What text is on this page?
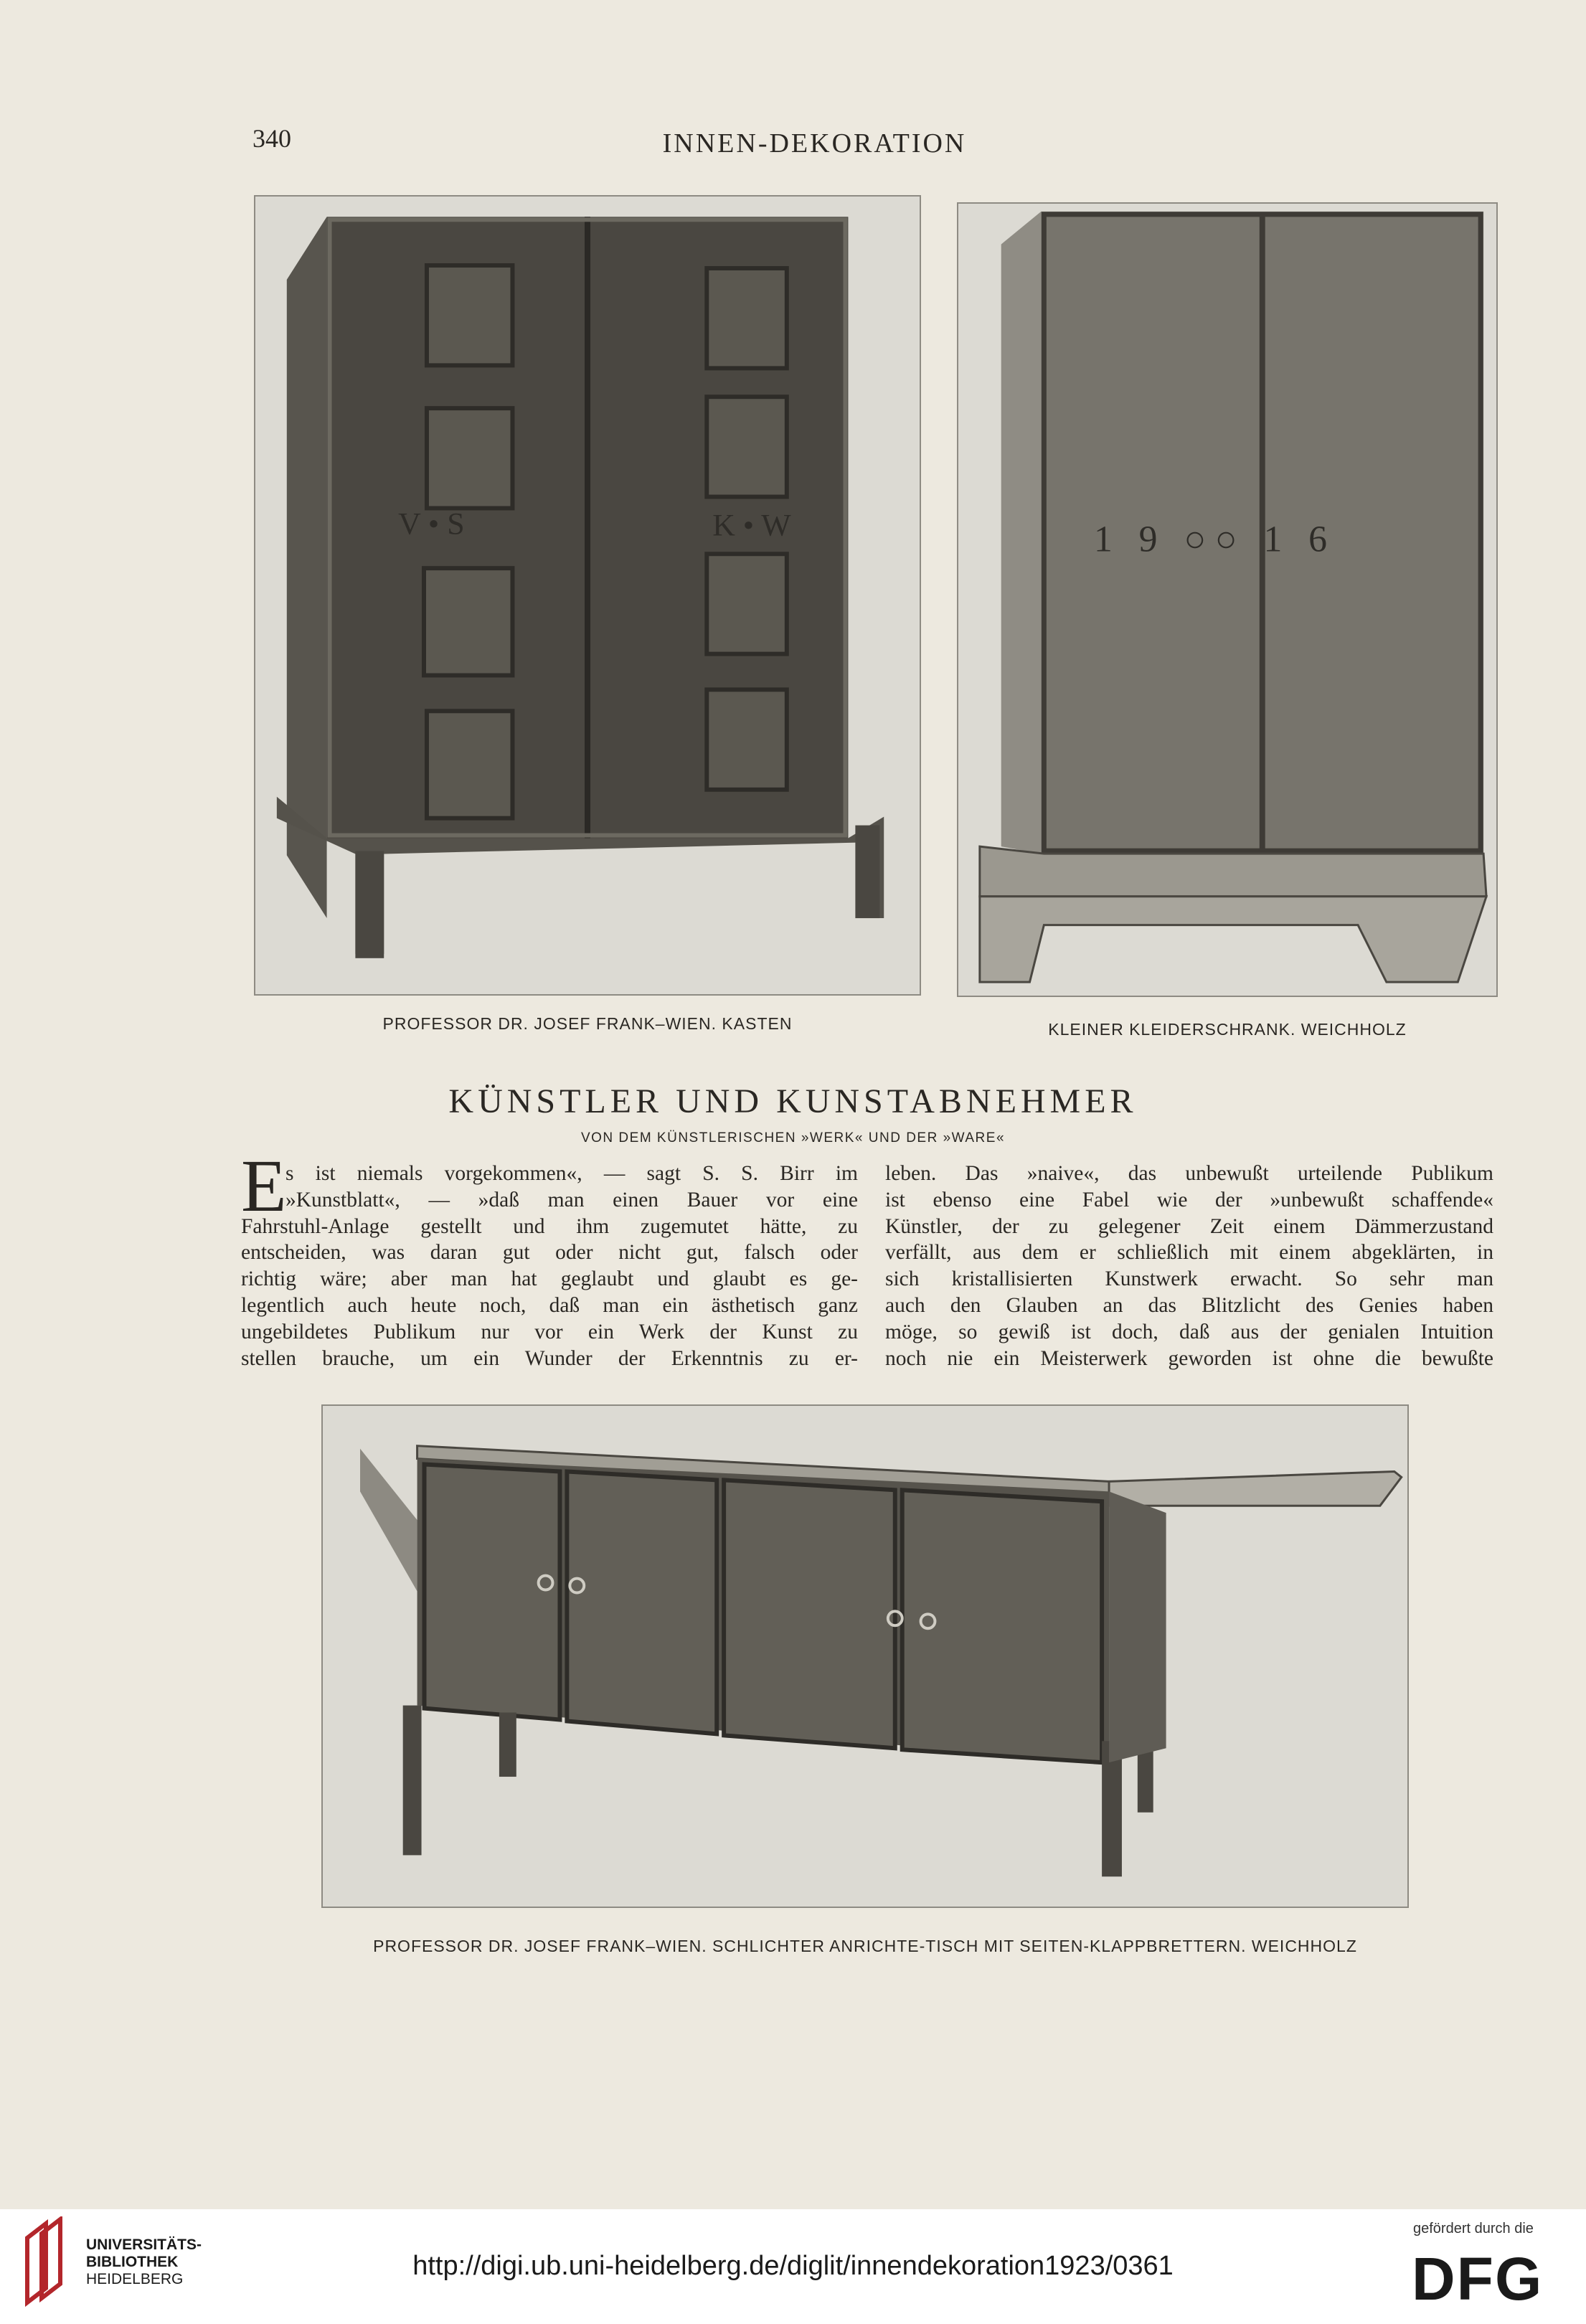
340	INNEN-DEKORATION
V • S	K • W	1 9 ○○ 1 6
PROFESSOR DR. JOSEF FRANK–WIEN. KASTEN	KLEINER KLEIDERSCHRANK. WEICHHOLZ
KÜNSTLER UND KUNSTABNEHMER
VON DEM KÜNSTLERISCHEN »WERK« UND DER »WARE«
E
s ist niemals vorgekommen«, — sagt S. S. Birr im
»Kunstblatt«, — »daß man einen Bauer vor eine
Fahrstuhl-Anlage gestellt und ihm zugemutet hätte, zu
entscheiden, was daran gut oder nicht gut, falsch oder
richtig wäre; aber man hat geglaubt und glaubt es ge-
legentlich auch heute noch, daß man ein ästhetisch ganz
ungebildetes Publikum nur vor ein Werk der Kunst zu
stellen brauche, um ein Wunder der Erkenntnis zu er-
leben. Das »naive«, das unbewußt urteilende Publikum
ist ebenso eine Fabel wie der »unbewußt schaffende«
Künstler, der zu gelegener Zeit einem Dämmerzustand
verfällt, aus dem er schließlich mit einem abgeklärten, in
sich kristallisierten Kunstwerk erwacht. So sehr man
auch den Glauben an das Blitzlicht des Genies haben
möge, so gewiß ist doch, daß aus der genialen Intuition
noch nie ein Meisterwerk geworden ist ohne die bewußte
PROFESSOR DR. JOSEF FRANK–WIEN. SCHLICHTER ANRICHTE-TISCH MIT SEITEN-KLAPPBRETTERN. WEICHHOLZ
UNIVERSITÄTS-
BIBLIOTHEK
HEIDELBERG	http://digi.ub.uni-heidelberg.de/diglit/innendekoration1923/0361
gefördert durch die
DFG
